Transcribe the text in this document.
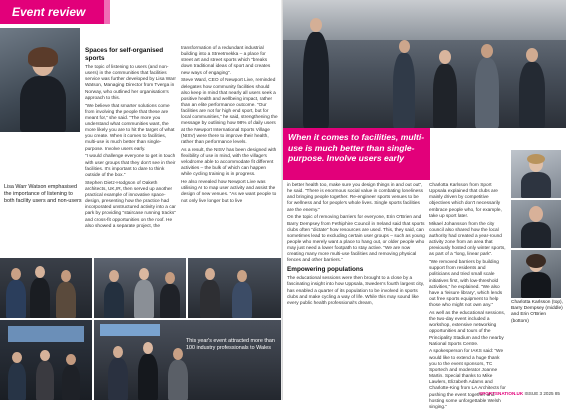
Event review
Lisa Warr Watson emphasised the importance of listening to both facility users and non-users
Spaces for self-organised sports

The topic of listening to users (and non-users) in the communities that facilities service was further developed by Lisa Warr Watson, Managing Director from Tverga in Norway, who outlined her organisation's approach to this.

“We believe that smarter solutions come from involving the people that these are meant for,” she said. “The more you understand what communities want, the more likely you are to hit the target of what you create. When it comes to facilities, multi-use is much better than single-purpose. Involve users early.

“I would challenge everyone to get in touch with user groups that they don't see in their facilities. It's important to dare to think outside of the box.”

Stephen Dietz-Hodgson of Oaketh architects, UK,IR, then served up another practical example of innovative space-design, presenting how the practice had incorporated unstructured activity into a car park by providing “staircase running tracks” and cross-fit opportunities on the roof. He also showed a separate project, the

transformation of a redundant industrial building into a Streetmekka – a place for street art and street sports which “breaks down traditional ideas of sport and creates new ways of engaging”.

Steve Ward, CEO of Newport Live, reminded delegates how community facilities should also keep in mind that nearly all users seek a positive health and wellbeing impact, rather than an elite performance outcome. “Our facilities are not for high end sport, but for local communities,” he said, strengthening the message by outlining how 98% of daily users at the Newport International Sports Village (NISV) were there to improve their health, rather than performance levels.

As a result, the NISV has been designed with flexibility of use in mind, with the village's velodrome able to accommodate fit different activities – the bulk of which can happen while cycling training is in progress.

He also revealed how Newport Live was utilising AI to map user activity and assist the design of new venues. “As we want people to not only live longer but to live

This year's event attracted more than 100 industry professionals to Wales
When it comes to facilities, multi-use is much better than single-purpose. Involve users early

in better health too, make sure you design things in and out out”, he said. “There is enormous social value in combating loneliness and bringing people together. Re-engineer sports venues to be for wellness and for people's whole lives. Single sports facilities are the enemy.”

On the topic of removing barriers for everyone, Erin O'Brien and Barry Dempsey from Fethiphire Council in Ireland said that sports clubs often “dictate” how resources are used. This, they said, can sometimes lead to excluding certain user groups – such as young people who merely want a place to hang out, or older people who may just need a lower footpath to stay active. “We are now creating many more multi-use facilities and removing physical fences and other barriers.”

Empowering populations

The educational sessions were then brought to a close by a fascinating insight into how Uppsala, Sweden's fourth largest city, has enabled a quarter of its population to be involved in sports clubs and make cycling a way of life. While this may sound like every public health professional's dream,

Charlotta Karlsson from Sport Uppsala explained that clubs are mainly driven by competitive objectives which don't necessarily embrace people who, for example, take up sport later.

Mikael Johansson from the city council also shared how the local authority had created a year-round activity zone from an area that previously hosted only winter sports, as part of a “long, linear park”.

“We removed barriers by building support from residents and politicians and tried small scale initiatives first, with low-threshold activities,” he explained. “We also have a 'leisure library', which lends out free sports equipment to help those who might not own any.”

As well as the educational sessions, the two-day event included a workshop, extensive networking opportunities and tours of the Principality Stadium and the nearby National Sports Centre.

A spokesperson for IAKS said: “We would like to extend a huge thank you to the event sponsors, TC Sportech and moderator Joanne Martin. Special thanks to Mike Lawlers, Elizabeth Adams and Charlotte-King from LA Architects for pushing the event together and hosting some unforgettable Welsh singing.”

Charlotta Karlsson (top), Barry Dempsey (middle) and Erin O'Brien (bottom)
SPORTSNATION.UK ISSUE 3 2025 85
